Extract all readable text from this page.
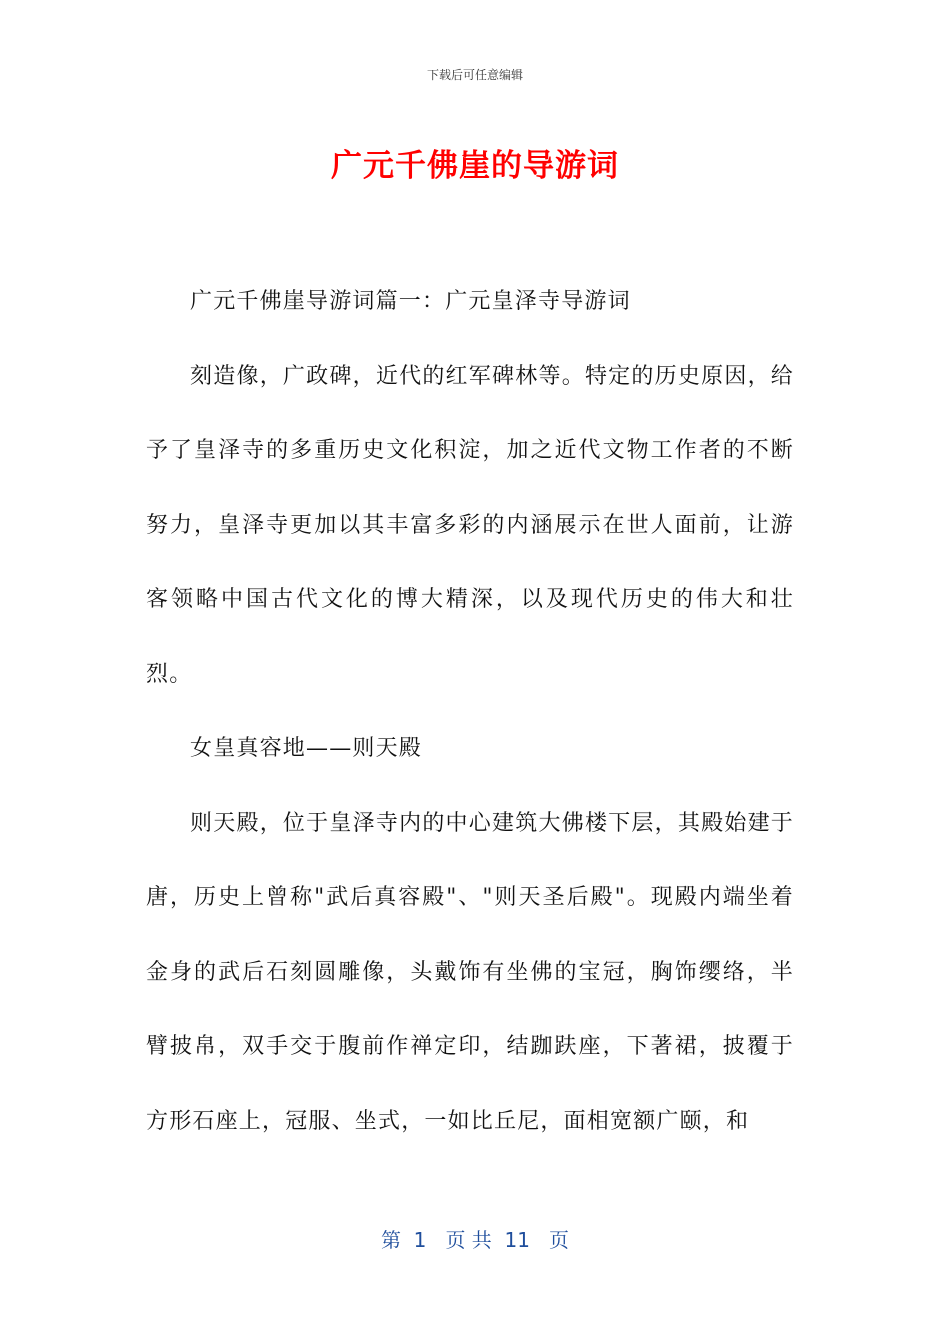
下载后可任意编辑
广元千佛崖的导游词

广元千佛崖导游词篇一：广元皇泽寺导游词

刻造像，广政碑，近代的红军碑林等。特定的历史原因，给予了皇泽寺的多重历史文化积淀，加之近代文物工作者的不断努力，皇泽寺更加以其丰富多彩的内涵展示在世人面前，让游客领略中国古代文化的博大精深，以及现代历史的伟大和壮烈。

女皇真容地——则天殿

则天殿，位于皇泽寺内的中心建筑大佛楼下层，其殿始建于唐，历史上曾称"武后真容殿"、"则天圣后殿"。现殿内端坐着金身的武后石刻圆雕像，头戴饰有坐佛的宝冠，胸饰缨络，半臂披帛，双手交于腹前作禅定印，结跏趺座，下著裙，披覆于方形石座上，冠服、坐式，一如比丘尼，面相宽额广颐，和

第  1   页 共  11   页
